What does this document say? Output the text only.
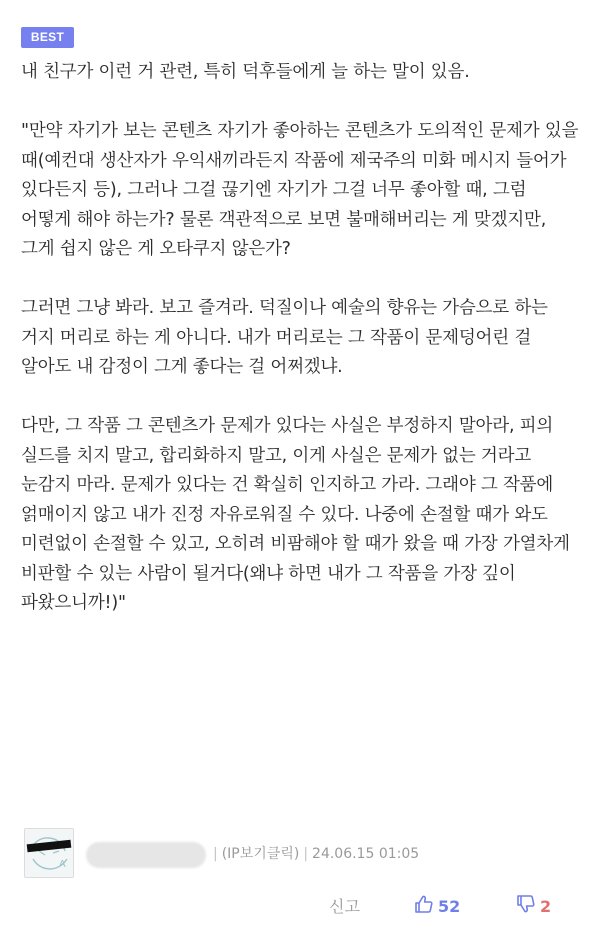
BEST

내 친구가 이런 거 관련, 특히 덕후들에게 늘 하는 말이 있음.

"만약 자기가 보는 콘텐츠 자기가 좋아하는 콘텐츠가 도의적인 문제가 있을 때(예컨대 생산자가 우익새끼라든지 작품에 제국주의 미화 메시지 들어가 있다든지 등), 그러나 그걸 끊기엔 자기가 그걸 너무 좋아할 때, 그럼 어떻게 해야 하는가? 물론 객관적으로 보면 불매해버리는 게 맞겠지만, 그게 쉽지 않은 게 오타쿠지 않은가?

그러면 그냥 봐라. 보고 즐겨라. 덕질이나 예술의 향유는 가슴으로 하는 거지 머리로 하는 게 아니다. 내가 머리로는 그 작품이 문제덩어린 걸 알아도 내 감정이 그게 좋다는 걸 어쩌겠냐.

다만, 그 작품 그 콘텐츠가 문제가 있다는 사실은 부정하지 말아라, 피의 실드를 치지 말고, 합리화하지 말고, 이게 사실은 문제가 없는 거라고 눈감지 마라. 문제가 있다는 건 확실히 인지하고 가라. 그래야 그 작품에 얽매이지 않고 내가 진정 자유로워질 수 있다. 나중에 손절할 때가 와도 미련없이 손절할 수 있고, 오히려 비팜해야 할 때가 왔을 때 가장 가열차게 비판할 수 있는 사람이 될거다(왜냐 하면 내가 그 작품을 가장 깊이 파왔으니까!)"

A
| (IP보기클릭) | 24.06.15 01:05
신고	52	2
